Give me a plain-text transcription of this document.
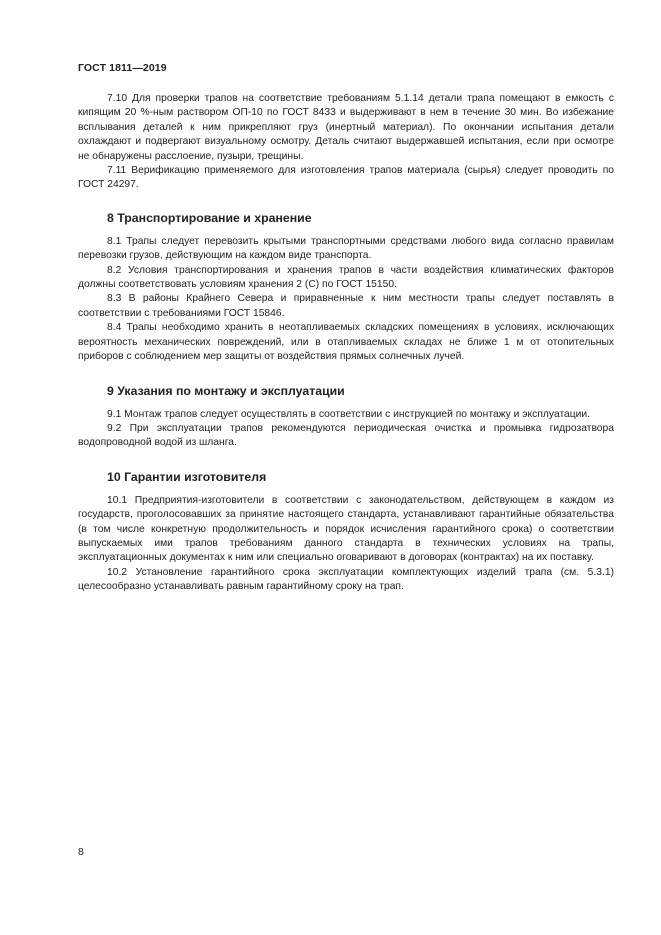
ГОСТ 1811—2019

7.10 Для проверки трапов на соответствие требованиям 5.1.14 детали трапа помещают в емкость с кипящим 20 %-ным раствором ОП-10 по ГОСТ 8433 и выдерживают в нем в течение 30 мин. Во избежание всплывания деталей к ним прикрепляют груз (инертный материал). По окончании испытания детали охлаждают и подвергают визуальному осмотру. Деталь считают выдержавшей испытания, если при осмотре не обнаружены расслоение, пузыри, трещины.

7.11 Верификацию применяемого для изготовления трапов материала (сырья) следует проводить по ГОСТ 24297.

8 Транспортирование и хранение

8.1 Трапы следует перевозить крытыми транспортными средствами любого вида согласно правилам перевозки грузов, действующим на каждом виде транспорта.

8.2 Условия транспортирования и хранения трапов в части воздействия климатических факторов должны соответствовать условиям хранения 2 (С) по ГОСТ 15150.

8.3 В районы Крайнего Севера и приравненные к ним местности трапы следует поставлять в соответствии с требованиями ГОСТ 15846.

8.4 Трапы необходимо хранить в неотапливаемых складских помещениях в условиях, исключающих вероятность механических повреждений, или в отапливаемых складах не ближе 1 м от отопительных приборов с соблюдением мер защиты от воздействия прямых солнечных лучей.

9 Указания по монтажу и эксплуатации

9.1 Монтаж трапов следует осуществлять в соответствии с инструкцией по монтажу и эксплуатации.

9.2 При эксплуатации трапов рекомендуются периодическая очистка и промывка гидрозатвора водопроводной водой из шланга.

10 Гарантии изготовителя

10.1 Предприятия-изготовители в соответствии с законодательством, действующем в каждом из государств, проголосовавших за принятие настоящего стандарта, устанавливают гарантийные обязательства (в том числе конкретную продолжительность и порядок исчисления гарантийного срока) о соответствии выпускаемых ими трапов требованиям данного стандарта в технических условиях на трапы, эксплуатационных документах к ним или специально оговаривают в договорах (контрактах) на их поставку.

10.2 Установление гарантийного срока эксплуатации комплектующих изделий трапа (см. 5.3.1) целесообразно устанавливать равным гарантийному сроку на трап.

8
